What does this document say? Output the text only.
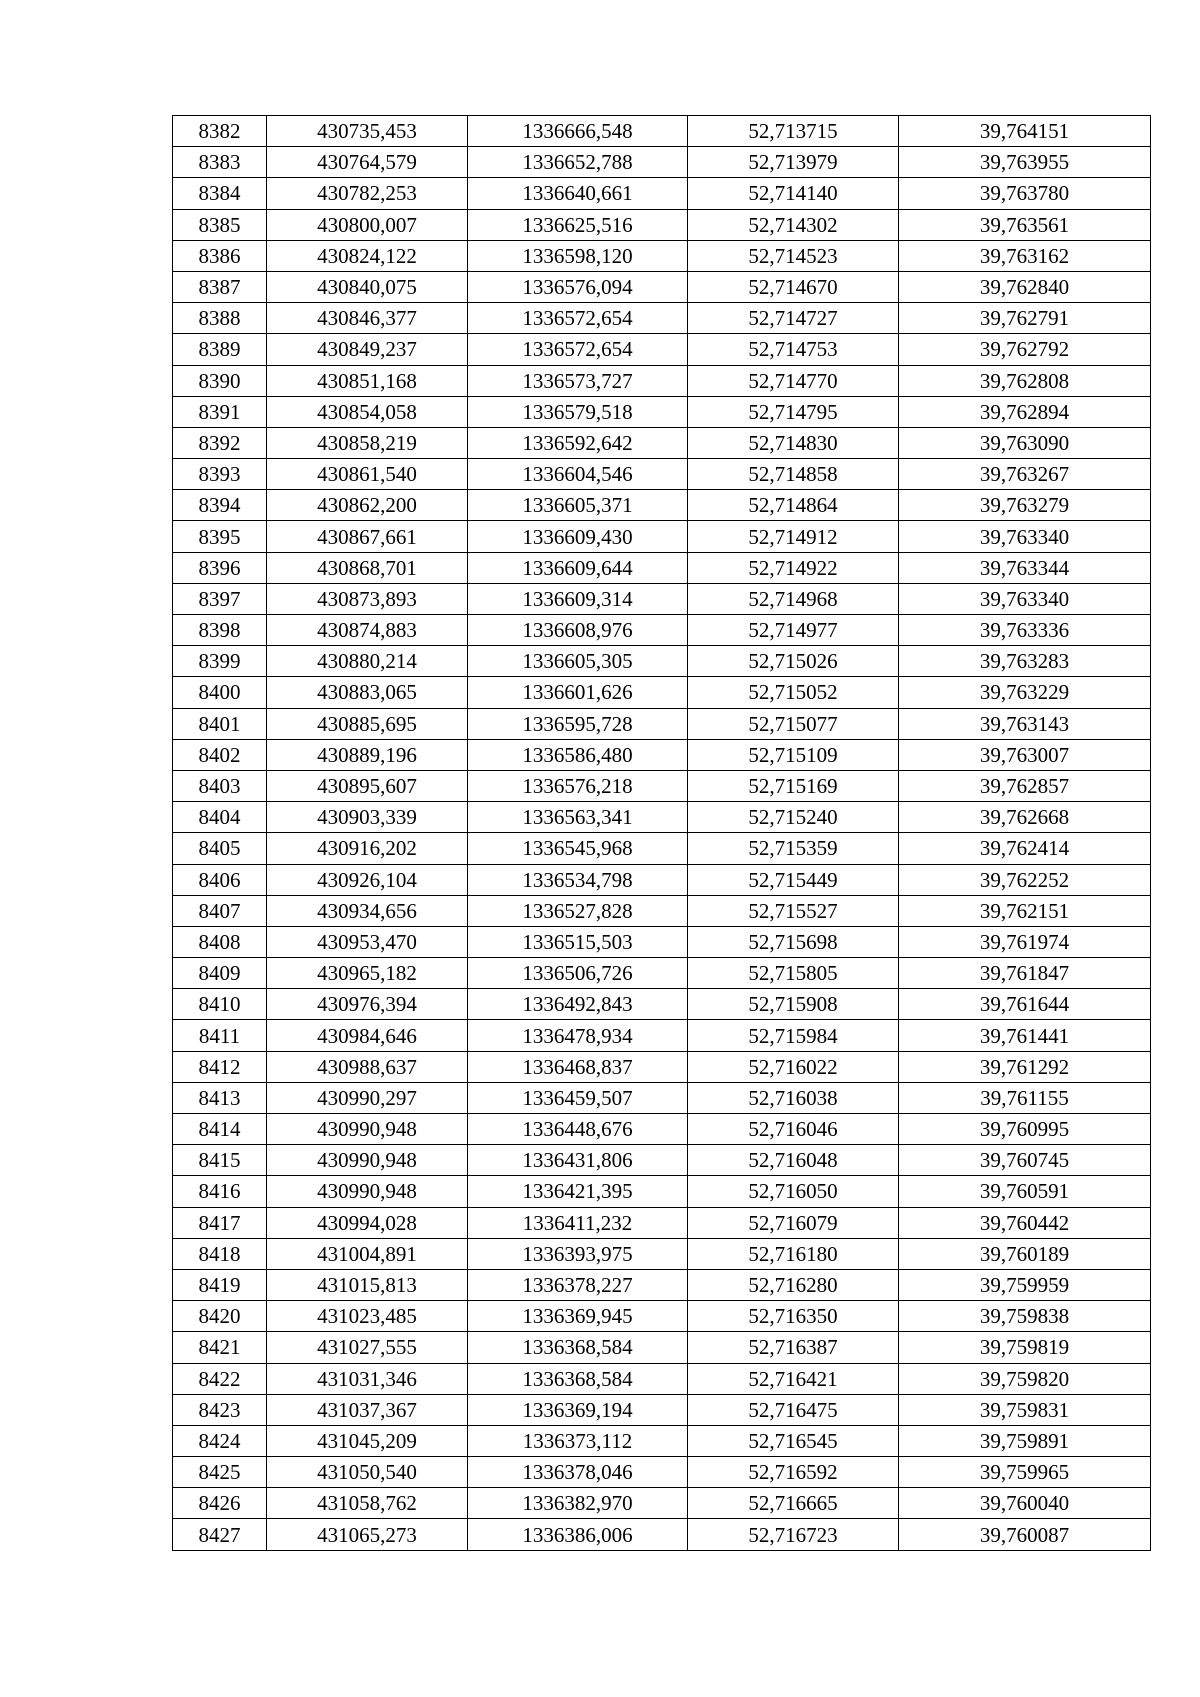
8382	430735,453	1336666,548	52,713715	39,764151
8383	430764,579	1336652,788	52,713979	39,763955
8384	430782,253	1336640,661	52,714140	39,763780
8385	430800,007	1336625,516	52,714302	39,763561
8386	430824,122	1336598,120	52,714523	39,763162
8387	430840,075	1336576,094	52,714670	39,762840
8388	430846,377	1336572,654	52,714727	39,762791
8389	430849,237	1336572,654	52,714753	39,762792
8390	430851,168	1336573,727	52,714770	39,762808
8391	430854,058	1336579,518	52,714795	39,762894
8392	430858,219	1336592,642	52,714830	39,763090
8393	430861,540	1336604,546	52,714858	39,763267
8394	430862,200	1336605,371	52,714864	39,763279
8395	430867,661	1336609,430	52,714912	39,763340
8396	430868,701	1336609,644	52,714922	39,763344
8397	430873,893	1336609,314	52,714968	39,763340
8398	430874,883	1336608,976	52,714977	39,763336
8399	430880,214	1336605,305	52,715026	39,763283
8400	430883,065	1336601,626	52,715052	39,763229
8401	430885,695	1336595,728	52,715077	39,763143
8402	430889,196	1336586,480	52,715109	39,763007
8403	430895,607	1336576,218	52,715169	39,762857
8404	430903,339	1336563,341	52,715240	39,762668
8405	430916,202	1336545,968	52,715359	39,762414
8406	430926,104	1336534,798	52,715449	39,762252
8407	430934,656	1336527,828	52,715527	39,762151
8408	430953,470	1336515,503	52,715698	39,761974
8409	430965,182	1336506,726	52,715805	39,761847
8410	430976,394	1336492,843	52,715908	39,761644
8411	430984,646	1336478,934	52,715984	39,761441
8412	430988,637	1336468,837	52,716022	39,761292
8413	430990,297	1336459,507	52,716038	39,761155
8414	430990,948	1336448,676	52,716046	39,760995
8415	430990,948	1336431,806	52,716048	39,760745
8416	430990,948	1336421,395	52,716050	39,760591
8417	430994,028	1336411,232	52,716079	39,760442
8418	431004,891	1336393,975	52,716180	39,760189
8419	431015,813	1336378,227	52,716280	39,759959
8420	431023,485	1336369,945	52,716350	39,759838
8421	431027,555	1336368,584	52,716387	39,759819
8422	431031,346	1336368,584	52,716421	39,759820
8423	431037,367	1336369,194	52,716475	39,759831
8424	431045,209	1336373,112	52,716545	39,759891
8425	431050,540	1336378,046	52,716592	39,759965
8426	431058,762	1336382,970	52,716665	39,760040
8427	431065,273	1336386,006	52,716723	39,760087
